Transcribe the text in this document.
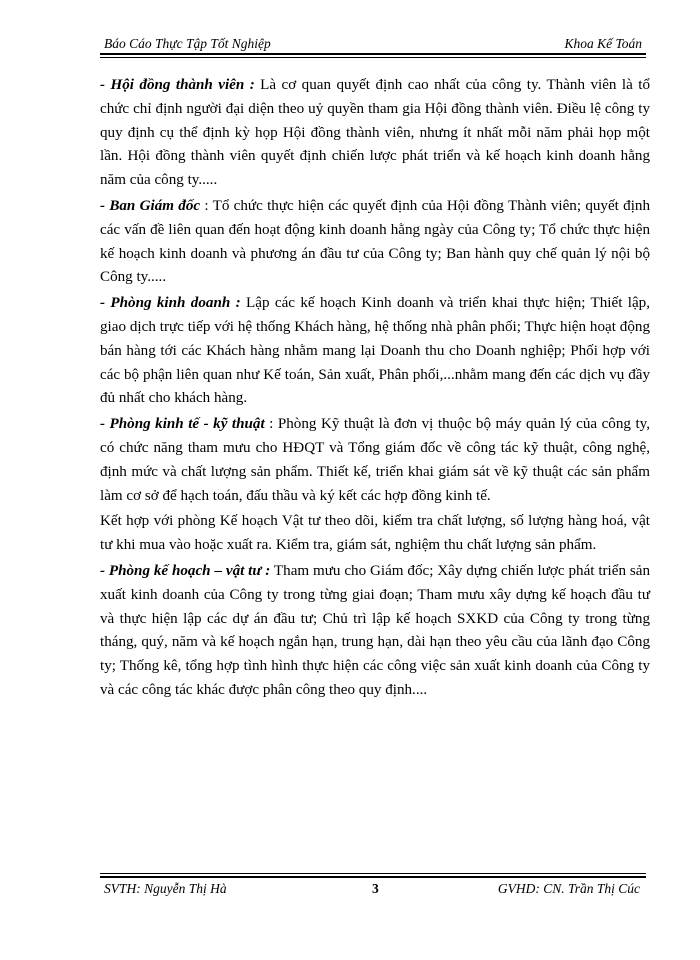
Báo Cáo Thực Tập Tốt Nghiệp	Khoa Kế Toán

- Hội đồng thành viên : Là cơ quan quyết định cao nhất của công ty. Thành viên là tổ chức chỉ định người đại diện theo uỷ quyền tham gia Hội đồng thành viên. Điều lệ công ty quy định cụ thể định kỳ họp Hội đồng thành viên, nhưng ít nhất mỗi năm phải họp một lần. Hội đồng thành viên quyết định chiến lược phát triển và kế hoạch kinh doanh hằng năm của công ty.....

- Ban Giám đốc : Tổ chức thực hiện các quyết định của Hội đồng Thành viên; quyết định các vấn đề liên quan đến hoạt động kinh doanh hằng ngày của Công ty; Tổ chức thực hiện kế hoạch kinh doanh và phương án đầu tư của Công ty; Ban hành quy chế quản lý nội bộ Công ty.....

- Phòng kinh doanh : Lập các kế hoạch Kinh doanh và triển khai thực hiện; Thiết lập, giao dịch trực tiếp với hệ thống Khách hàng, hệ thống nhà phân phối; Thực hiện hoạt động bán hàng tới các Khách hàng nhằm mang lại Doanh thu cho Doanh nghiệp; Phối hợp với các bộ phận liên quan như Kế toán, Sản xuất, Phân phối,...nhằm mang đến các dịch vụ đầy đủ nhất cho khách hàng.

- Phòng kinh tế - kỹ thuật : Phòng Kỹ thuật là đơn vị thuộc bộ máy quản lý của công ty, có chức năng tham mưu cho HĐQT và Tổng giám đốc về công tác kỹ thuật, công nghệ, định mức và chất lượng sản phẩm. Thiết kế, triển khai giám sát về kỹ thuật các sản phẩm làm cơ sở để hạch toán, đấu thầu và ký kết các hợp đồng kinh tế.

Kết hợp với phòng Kế hoạch Vật tư theo dõi, kiểm tra chất lượng, số lượng hàng hoá, vật tư khi mua vào hoặc xuất ra. Kiểm tra, giám sát, nghiệm thu chất lượng sản phẩm.

- Phòng kế hoạch – vật tư : Tham mưu cho Giám đốc; Xây dựng chiến lược phát triển sản xuất kinh doanh của Công ty trong từng giai đoạn; Tham mưu xây dựng kế hoạch đầu tư và thực hiện lập các dự án đầu tư; Chủ trì lập kế hoạch SXKD của Công ty trong từng tháng, quý, năm và kế hoạch ngắn hạn, trung hạn, dài hạn theo yêu cầu của lãnh đạo Công ty; Thống kê, tổng hợp tình hình thực hiện các công việc sản xuất kinh doanh của Công ty và các công tác khác được phân công theo quy định....

SVTH: Nguyễn Thị Hà	3	GVHD: CN. Trần Thị Cúc
